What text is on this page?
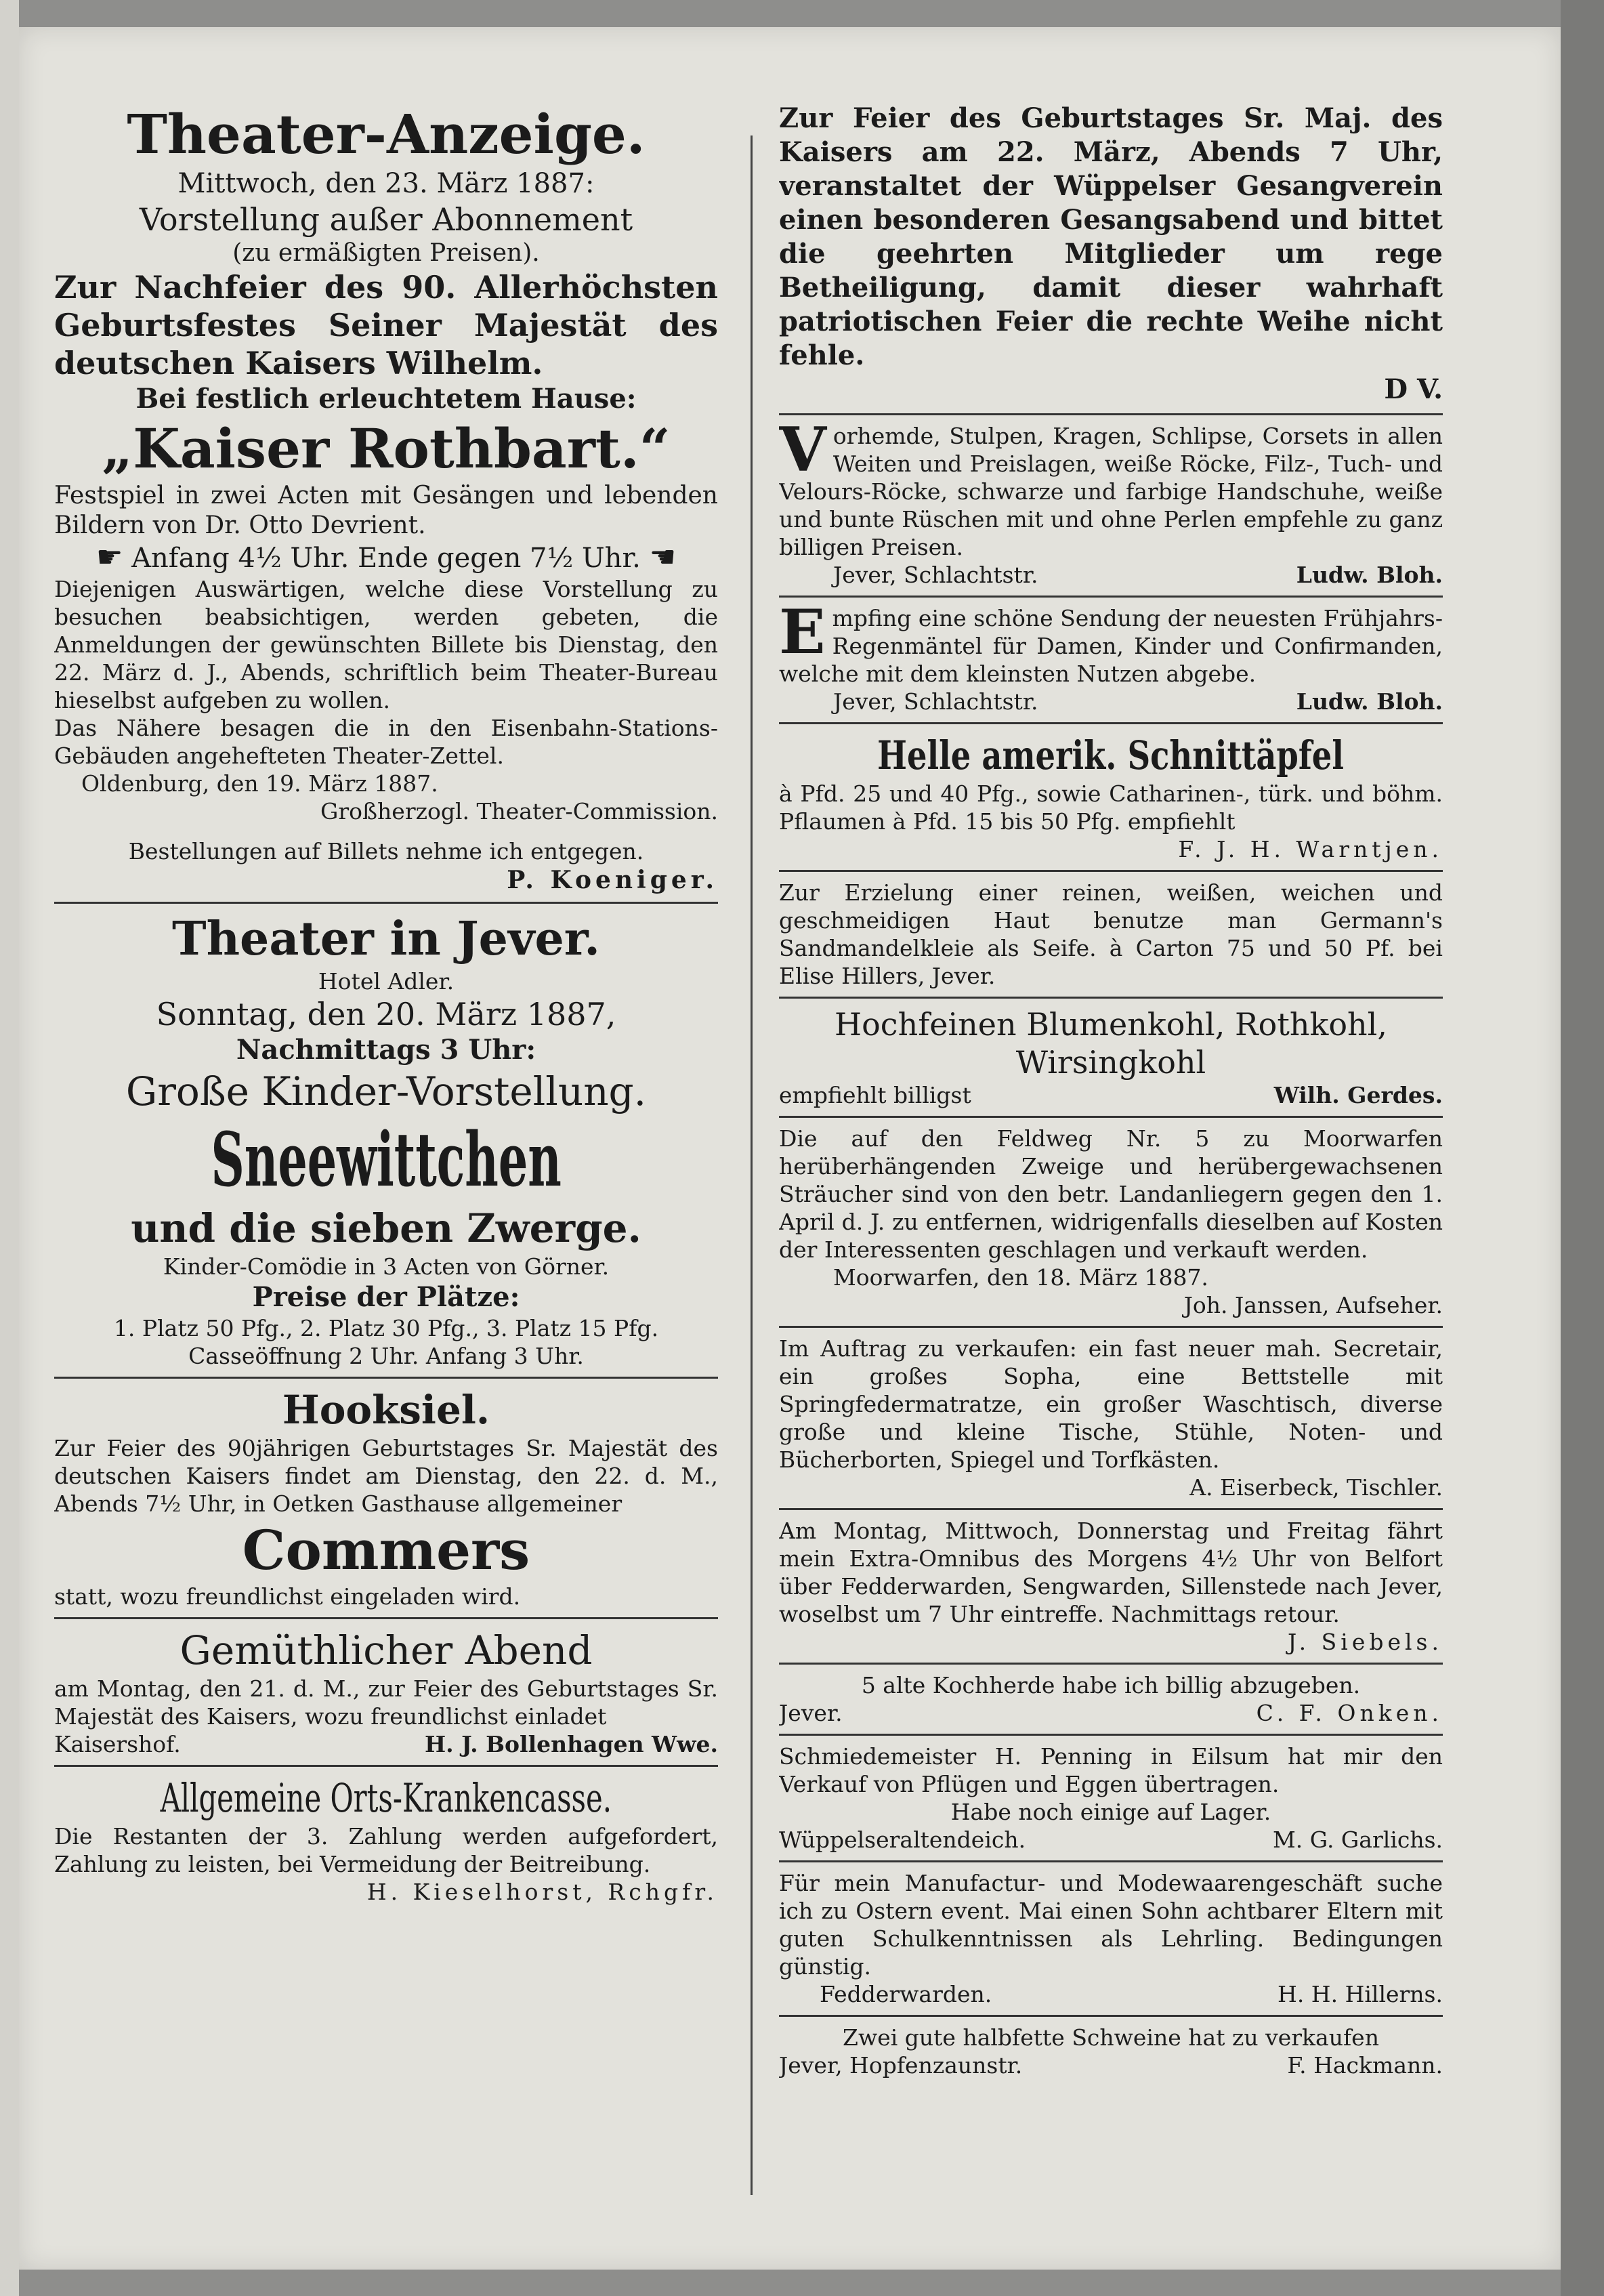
Theater-Anzeige.

Mittwoch, den 23. März 1887:

Vorstellung außer Abonnement

(zu ermäßigten Preisen).

Zur Nachfeier des 90. Allerhöchsten Geburtsfestes Seiner Majestät des deutschen Kaisers Wilhelm.

Bei festlich erleuchtetem Hause:

„Kaiser Rothbart.“

Festspiel in zwei Acten mit Gesängen und lebenden Bildern von Dr. Otto Devrient.

☛ Anfang 4½ Uhr. Ende gegen 7½ Uhr. ☚

Diejenigen Auswärtigen, welche diese Vorstellung zu besuchen beabsichtigen, werden gebeten, die Anmeldungen der gewünschten Billete bis Dienstag, den 22. März d. J., Abends, schriftlich beim Theater-Bureau hieselbst aufgeben zu wollen.

Das Nähere besagen die in den Eisenbahn-Stations-Gebäuden angehefteten Theater-Zettel.

Oldenburg, den 19. März 1887.

Großherzogl. Theater-Commission.

Bestellungen auf Billets nehme ich entgegen.

P. Koeniger.

Theater in Jever.

Hotel Adler.

Sonntag, den 20. März 1887,

Nachmittags 3 Uhr:

Große Kinder-Vorstellung.

Sneewittchen

und die sieben Zwerge.

Kinder-Comödie in 3 Acten von Görner.

Preise der Plätze:

1. Platz 50 Pfg., 2. Platz 30 Pfg., 3. Platz 15 Pfg.

Casseöffnung 2 Uhr. Anfang 3 Uhr.

Hooksiel.

Zur Feier des 90jährigen Geburtstages Sr. Majestät des deutschen Kaisers findet am Dienstag, den 22. d. M., Abends 7½ Uhr, in Oetken Gasthause allgemeiner

Commers

statt, wozu freundlichst eingeladen wird.

Gemüthlicher Abend

am Montag, den 21. d. M., zur Feier des Geburtstages Sr. Majestät des Kaisers, wozu freundlichst einladet

Kaisershof.	H. J. Bollenhagen Wwe.

Allgemeine Orts-Krankencasse.

Die Restanten der 3. Zahlung werden aufgefordert, Zahlung zu leisten, bei Vermeidung der Beitreibung.

H. Kieselhorst, Rchgfr.

Zur Feier des Geburtstages Sr. Maj. des Kaisers am 22. März, Abends 7 Uhr, veranstaltet der Wüppelser Gesangverein einen besonderen Gesangsabend und bittet die geehrten Mitglieder um rege Betheiligung, damit dieser wahrhaft patriotischen Feier die rechte Weihe nicht fehle.

D V.

Vorhemde, Stulpen, Kragen, Schlipse, Corsets in allen Weiten und Preislagen, weiße Röcke, Filz-, Tuch- und Velours-Röcke, schwarze und farbige Handschuhe, weiße und bunte Rüschen mit und ohne Perlen empfehle zu ganz billigen Preisen.

Jever, Schlachtstr.	Ludw. Bloh.

Empfing eine schöne Sendung der neuesten Frühjahrs-Regenmäntel für Damen, Kinder und Confirmanden, welche mit dem kleinsten Nutzen abgebe.

Jever, Schlachtstr.	Ludw. Bloh.

Helle amerik. Schnittäpfel

à Pfd. 25 und 40 Pfg., sowie Catharinen-, türk. und böhm. Pflaumen à Pfd. 15 bis 50 Pfg. empfiehlt

F. J. H. Warntjen.

Zur Erzielung einer reinen, weißen, weichen und geschmeidigen Haut benutze man Germann's Sandmandelkleie als Seife. à Carton 75 und 50 Pf. bei Elise Hillers, Jever.

Hochfeinen Blumenkohl, Rothkohl,

Wirsingkohl

empfiehlt billigst	Wilh. Gerdes.

Die auf den Feldweg Nr. 5 zu Moorwarfen herüberhängenden Zweige und herübergewachsenen Sträucher sind von den betr. Landanliegern gegen den 1. April d. J. zu entfernen, widrigenfalls dieselben auf Kosten der Interessenten geschlagen und verkauft werden.

Moorwarfen, den 18. März 1887.

Joh. Janssen, Aufseher.

Im Auftrag zu verkaufen: ein fast neuer mah. Secretair, ein großes Sopha, eine Bettstelle mit Springfedermatratze, ein großer Waschtisch, diverse große und kleine Tische, Stühle, Noten- und Bücherborten, Spiegel und Torfkästen.

A. Eiserbeck, Tischler.

Am Montag, Mittwoch, Donnerstag und Freitag fährt mein Extra-Omnibus des Morgens 4½ Uhr von Belfort über Fedderwarden, Sengwarden, Sillenstede nach Jever, woselbst um 7 Uhr eintreffe. Nachmittags retour.

J. Siebels.

5 alte Kochherde habe ich billig abzugeben.

Jever.	C. F. Onken.

Schmiedemeister H. Penning in Eilsum hat mir den Verkauf von Pflügen und Eggen übertragen.

Habe noch einige auf Lager.

Wüppelseraltendeich.	M. G. Garlichs.

Für mein Manufactur- und Modewaarengeschäft suche ich zu Ostern event. Mai einen Sohn achtbarer Eltern mit guten Schulkenntnissen als Lehrling. Bedingungen günstig.

Fedderwarden.	H. H. Hillerns.

Zwei gute halbfette Schweine hat zu verkaufen

Jever, Hopfenzaunstr.	F. Hackmann.
